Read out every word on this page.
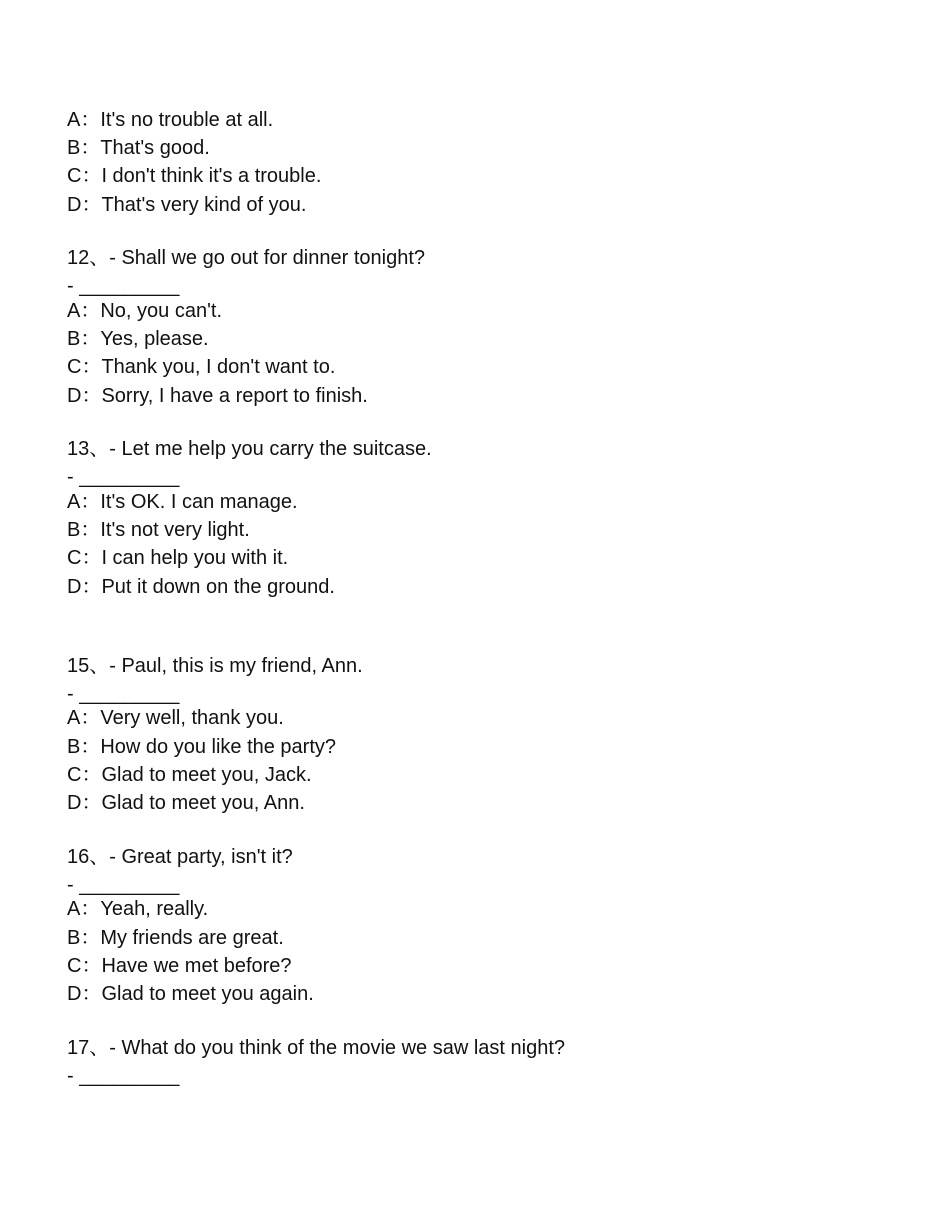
A：It's no trouble at all.
B：That's good.
C：I don't think it's a trouble.
D：That's very kind of you.
12、- Shall we go out for dinner tonight?
- _________
A：No, you can't.
B：Yes, please.
C：Thank you, I don't want to.
D：Sorry, I have a report to finish.
13、- Let me help you carry the suitcase.
- _________
A：It's OK. I can manage.
B：It's not very light.
C：I can help you with it.
D：Put it down on the ground.
15、- Paul, this is my friend, Ann.
- _________
A：Very well, thank you.
B：How do you like the party?
C：Glad to meet you, Jack.
D：Glad to meet you, Ann.
16、- Great party, isn't it?
- _________
A：Yeah, really.
B：My friends are great.
C：Have we met before?
D：Glad to meet you again.
17、- What do you think of the movie we saw last night?
- _________
